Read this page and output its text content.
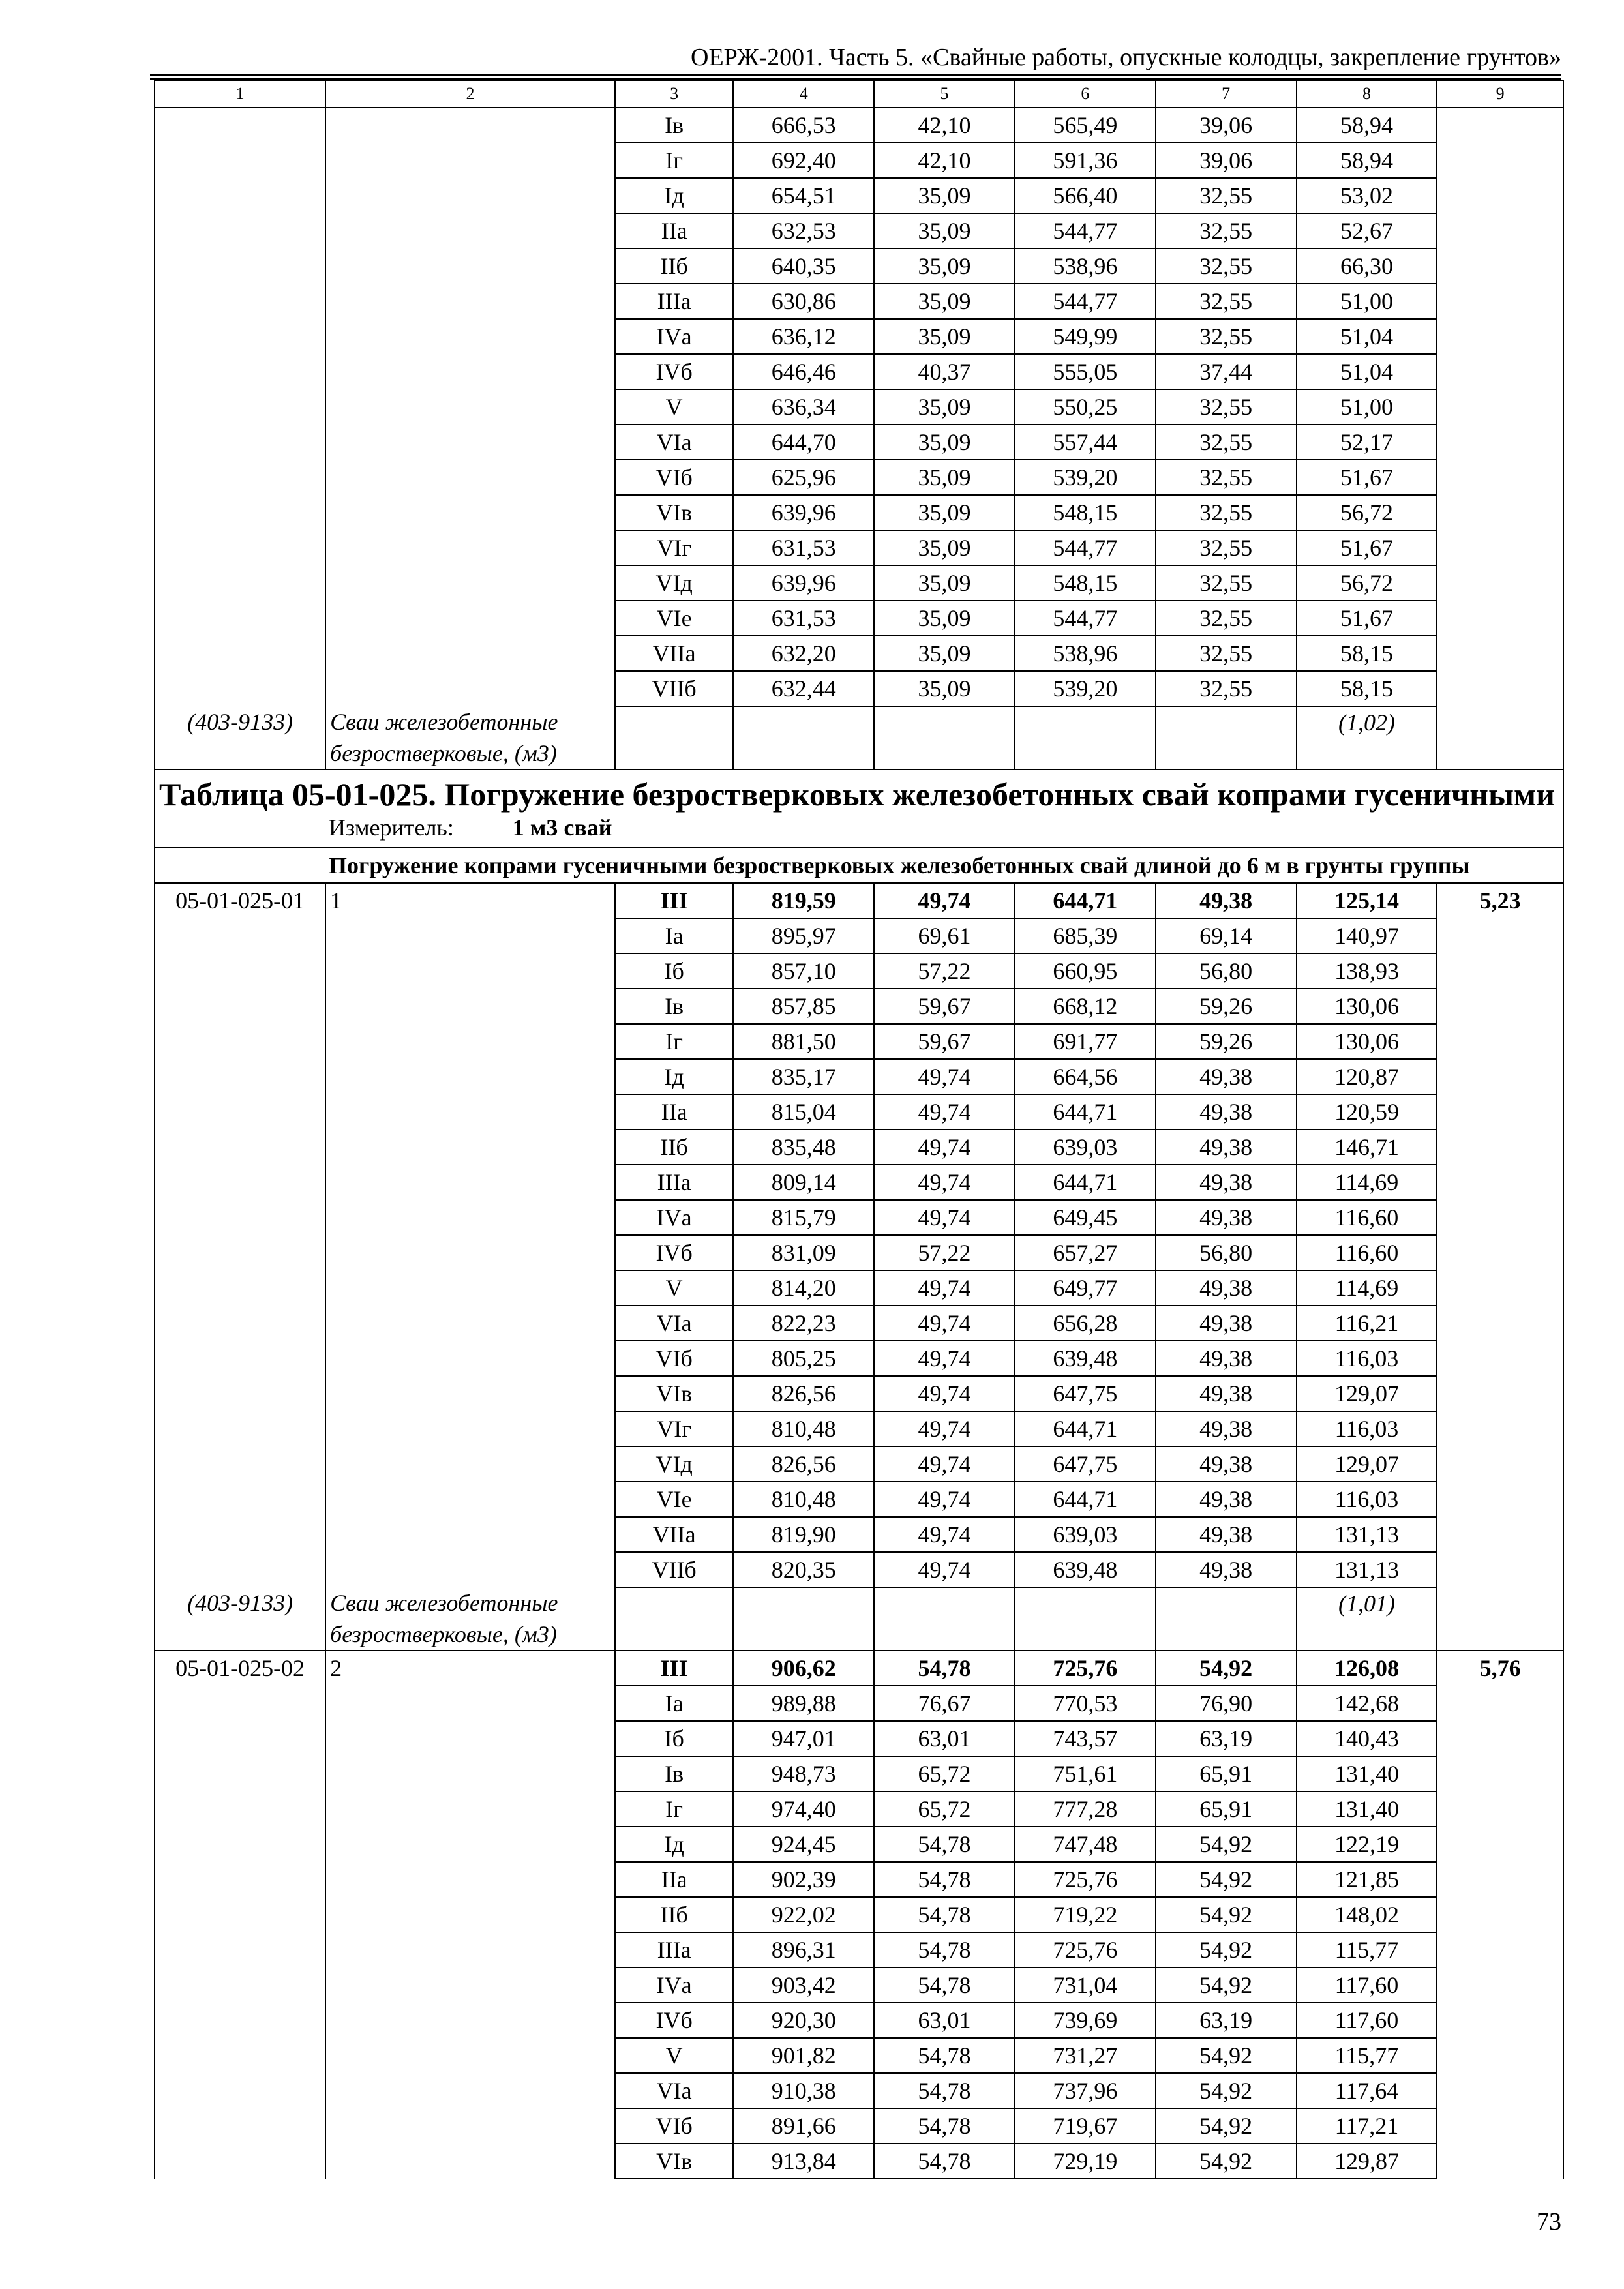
ОЕРЖ-2001. Часть 5. «Свайные работы, опускные колодцы, закрепление грунтов»
1	2	3	4	5	6	7	8	9
		Iв	666,53	42,10	565,49	39,06	58,94	
		Iг	692,40	42,10	591,36	39,06	58,94	
		Iд	654,51	35,09	566,40	32,55	53,02	
		IIа	632,53	35,09	544,77	32,55	52,67	
		IIб	640,35	35,09	538,96	32,55	66,30	
		IIIа	630,86	35,09	544,77	32,55	51,00	
		IVа	636,12	35,09	549,99	32,55	51,04	
		IVб	646,46	40,37	555,05	37,44	51,04	
		V	636,34	35,09	550,25	32,55	51,00	
		VIа	644,70	35,09	557,44	32,55	52,17	
		VIб	625,96	35,09	539,20	32,55	51,67	
		VIв	639,96	35,09	548,15	32,55	56,72	
		VIг	631,53	35,09	544,77	32,55	51,67	
		VIд	639,96	35,09	548,15	32,55	56,72	
		VIе	631,53	35,09	544,77	32,55	51,67	
		VIIа	632,20	35,09	538,96	32,55	58,15	
		VIIб	632,44	35,09	539,20	32,55	58,15	
(403-9133)	Сваи железобетонные безростверковые, (м3)						(1,02)	

Таблица 05-01-025. Погружение безростверковых железобетонных свай копрами гусеничными
Измеритель: 1 м3 свай								

Погружение копрами гусеничными безростверковых железобетонных свай длиной до 6 м в грунты группы								
05-01-025-01	1	III	819,59	49,74	644,71	49,38	125,14	5,23
		Iа	895,97	69,61	685,39	69,14	140,97	
		Iб	857,10	57,22	660,95	56,80	138,93	
		Iв	857,85	59,67	668,12	59,26	130,06	
		Iг	881,50	59,67	691,77	59,26	130,06	
		Iд	835,17	49,74	664,56	49,38	120,87	
		IIа	815,04	49,74	644,71	49,38	120,59	
		IIб	835,48	49,74	639,03	49,38	146,71	
		IIIа	809,14	49,74	644,71	49,38	114,69	
		IVа	815,79	49,74	649,45	49,38	116,60	
		IVб	831,09	57,22	657,27	56,80	116,60	
		V	814,20	49,74	649,77	49,38	114,69	
		VIа	822,23	49,74	656,28	49,38	116,21	
		VIб	805,25	49,74	639,48	49,38	116,03	
		VIв	826,56	49,74	647,75	49,38	129,07	
		VIг	810,48	49,74	644,71	49,38	116,03	
		VIд	826,56	49,74	647,75	49,38	129,07	
		VIе	810,48	49,74	644,71	49,38	116,03	
		VIIа	819,90	49,74	639,03	49,38	131,13	
		VIIб	820,35	49,74	639,48	49,38	131,13	
(403-9133)	Сваи железобетонные безростверковые, (м3)						(1,01)	
05-01-025-02	2	III	906,62	54,78	725,76	54,92	126,08	5,76
		Iа	989,88	76,67	770,53	76,90	142,68	
		Iб	947,01	63,01	743,57	63,19	140,43	
		Iв	948,73	65,72	751,61	65,91	131,40	
		Iг	974,40	65,72	777,28	65,91	131,40	
		Iд	924,45	54,78	747,48	54,92	122,19	
		IIа	902,39	54,78	725,76	54,92	121,85	
		IIб	922,02	54,78	719,22	54,92	148,02	
		IIIа	896,31	54,78	725,76	54,92	115,77	
		IVа	903,42	54,78	731,04	54,92	117,60	
		IVб	920,30	63,01	739,69	63,19	117,60	
		V	901,82	54,78	731,27	54,92	115,77	
		VIа	910,38	54,78	737,96	54,92	117,64	
		VIб	891,66	54,78	719,67	54,92	117,21	
		VIв	913,84	54,78	729,19	54,92	129,87	
73
